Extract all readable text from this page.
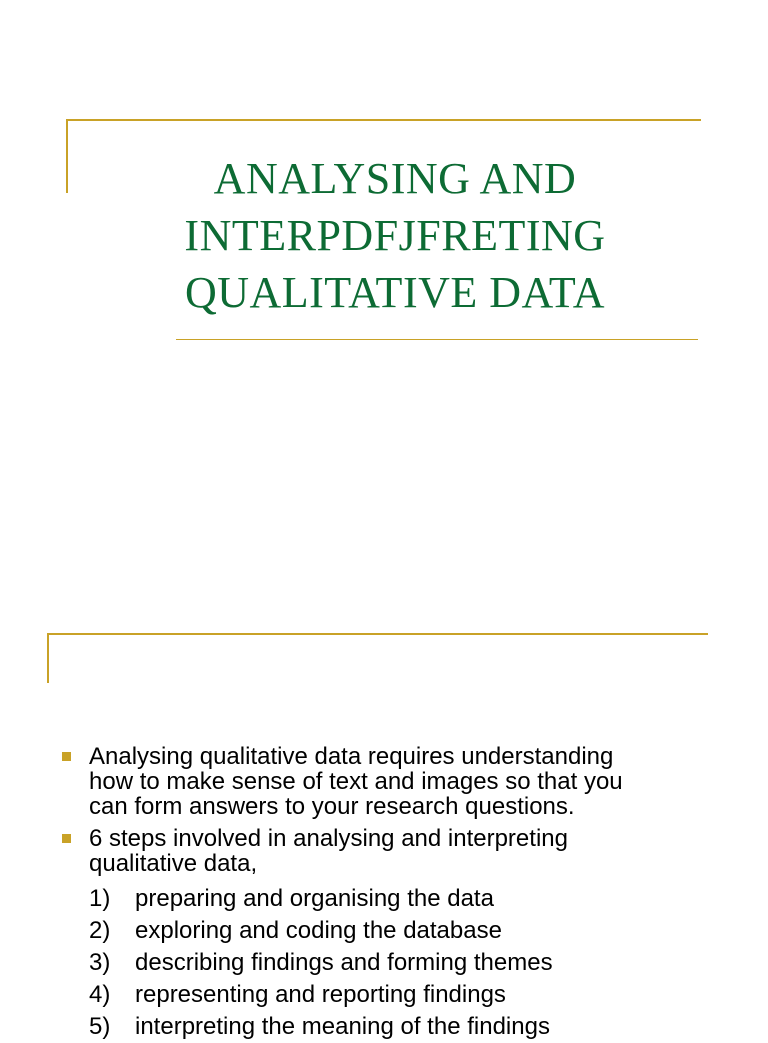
ANALYSING AND
INTERPDFJFRETING
QUALITATIVE DATA
Analysing qualitative data requires understanding
how to make sense of text and images so that you
can form answers to your research questions.
6 steps involved in analysing and interpreting
qualitative data,
1) preparing and organising the data
2) exploring and coding the database
3) describing findings and forming themes
4) representing and reporting findings
5) interpreting the meaning of the findings
